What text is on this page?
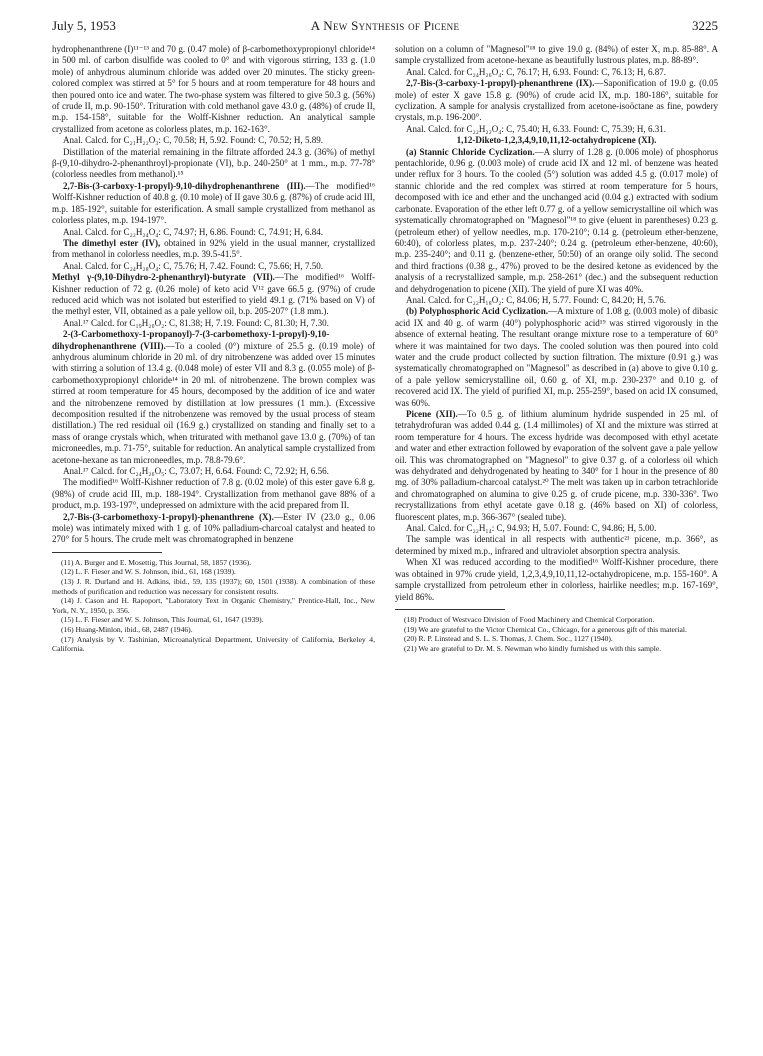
July 5, 1953	A New Synthesis of Picene	3225

hydrophenanthrene (I)¹¹⁻¹³ and 70 g. (0.47 mole) of β-carbomethoxypropionyl chloride¹⁴ in 500 ml. of carbon disulfide was cooled to 0° and with vigorous stirring, 133 g. (1.0 mole) of anhydrous aluminum chloride was added over 20 minutes. The sticky green-colored complex was stirred at 5° for 5 hours and at room temperature for 48 hours and then poured onto ice and water. The two-phase system was filtered to give 50.3 g. (56%) of crude II, m.p. 90-150°. Trituration with cold methanol gave 43.0 g. (48%) of crude II, m.p. 154-158°, suitable for the Wolff-Kishner reduction. An analytical sample crystallized from acetone as colorless plates, m.p. 162-163°.

Anal. Calcd. for C₂₁H₂₂O₃: C, 70.58; H, 5.92. Found: C, 70.52; H, 5.89.

Distillation of the material remaining in the filtrate afforded 24.3 g. (36%) of methyl β-(9,10-dihydro-2-phenanthroyl)-propionate (VI), b.p. 240-250° at 1 mm., m.p. 77-78° (colorless needles from methanol).¹⁵

2,7-Bis-(3-carboxy-1-propyl)-9,10-dihydrophenanthrene (III).—The modified¹⁶ Wolff-Kishner reduction of 40.8 g. (0.10 mole) of II gave 30.6 g. (87%) of crude acid III, m.p. 185-192°, suitable for esterification. A small sample crystallized from methanol as colorless plates, m.p. 194-197°.

Anal. Calcd. for C₂₂H₂₄O₄: C, 74.97; H, 6.86. Found: C, 74.91; H, 6.84.

The dimethyl ester (IV), obtained in 92% yield in the usual manner, crystallized from methanol in colorless needles, m.p. 39.5-41.5°.

Anal. Calcd. for C₂₄H₂₈O₄: C, 75.76; H, 7.42. Found: C, 75.66; H, 7.50.

Methyl γ-(9,10-Dihydro-2-phenanthryl)-butyrate (VII).—The modified¹⁶ Wolff-Kishner reduction of 72 g. (0.26 mole) of keto acid V¹² gave 66.5 g. (97%) of crude reduced acid which was not isolated but esterified to yield 49.1 g. (71% based on V) of the methyl ester, VII, obtained as a pale yellow oil, b.p. 205-207° (1.8 mm.).

Anal.¹⁷ Calcd. for C₁₉H₂₀O₂: C, 81.38; H, 7.19. Found: C, 81.30; H, 7.30.

2-(3-Carbomethoxy-1-propanoyl)-7-(3-carbomethoxy-1-propyl)-9,10-dihydrophenanthrene (VIII).—To a cooled (0°) mixture of 25.5 g. (0.19 mole) of anhydrous aluminum chloride in 20 ml. of dry nitrobenzene was added over 15 minutes with stirring a solution of 13.4 g. (0.048 mole) of ester VII and 8.3 g. (0.055 mole) of β-carbomethoxypropionyl chloride¹⁴ in 20 ml. of nitrobenzene. The brown complex was stirred at room temperature for 45 hours, decomposed by the addition of ice and water and the nitrobenzene removed by distillation at low pressures (1 mm.). (Excessive decomposition resulted if the nitrobenzene was removed by the usual process of steam distillation.) The red residual oil (16.9 g.) crystallized on standing and finally set to a mass of orange crystals which, when triturated with methanol gave 13.0 g. (70%) of tan microneedles, m.p. 71-75°, suitable for reduction. An analytical sample crystallized from acetone-hexane as tan microneedles, m.p. 78.8-79.6°.

Anal.¹⁷ Calcd. for C₂₄H₂₆O₅: C, 73.07; H, 6.64. Found: C, 72.92; H, 6.56.

The modified¹⁶ Wolff-Kishner reduction of 7.8 g. (0.02 mole) of this ester gave 6.8 g. (98%) of crude acid III, m.p. 188-194°. Crystallization from methanol gave 88% of a product, m.p. 193-197°, undepressed on admixture with the acid prepared from II.

2,7-Bis-(3-carbomethoxy-1-propyl)-phenanthrene (X).—Ester IV (23.0 g., 0.06 mole) was intimately mixed with 1 g. of 10% palladium-charcoal catalyst and heated to 270° for 5 hours. The crude melt was chromatographed in benzene

(11) A. Burger and E. Mosettig, This Journal, 58, 1857 (1936).

(12) L. F. Fieser and W. S. Johnson, ibid., 61, 168 (1939).

(13) J. R. Durland and H. Adkins, ibid., 59, 135 (1937); 60, 1501 (1938). A combination of these methods of purification and reduction was necessary for consistent results.

(14) J. Cason and H. Rapoport, "Laboratory Text in Organic Chemistry," Prentice-Hall, Inc., New York, N. Y., 1950, p. 356.

(15) L. F. Fieser and W. S. Johnson, This Journal, 61, 1647 (1939).

(16) Huang-Minlon, ibid., 68, 2487 (1946).

(17) Analysis by V. Tashinian, Microanalytical Department, University of California, Berkeley 4, California.

solution on a column of "Magnesol"¹⁸ to give 19.0 g. (84%) of ester X, m.p. 85-88°. A sample crystallized from acetone-hexane as beautifully lustrous plates, m.p. 88-89°.

Anal. Calcd. for C₂₄H₂₆O₄: C, 76.17; H, 6.93. Found: C, 76.13; H, 6.87.

2,7-Bis-(3-carboxy-1-propyl)-phenanthrene (IX).—Saponification of 19.0 g. (0.05 mole) of ester X gave 15.8 g. (90%) of crude acid IX, m.p. 180-186°, suitable for cyclization. A sample for analysis crystallized from acetone-isoöctane as fine, powdery crystals, m.p. 196-200°.

Anal. Calcd. for C₂₂H₂₂O₄: C, 75.40; H, 6.33. Found: C, 75.39; H, 6.31.

1,12-Diketo-1,2,3,4,9,10,11,12-octahydropicene (XI).

(a) Stannic Chloride Cyclization.—A slurry of 1.28 g. (0.006 mole) of phosphorus pentachloride, 0.96 g. (0.003 mole) of crude acid IX and 12 ml. of benzene was heated under reflux for 3 hours. To the cooled (5°) solution was added 4.5 g. (0.017 mole) of stannic chloride and the red complex was stirred at room temperature for 5 hours, decomposed with ice and ether and the unchanged acid (0.04 g.) extracted with sodium carbonate. Evaporation of the ether left 0.77 g. of a yellow semicrystalline oil which was systematically chromatographed on "Magnesol"¹⁸ to give (eluent in parentheses) 0.23 g. (petroleum ether) of yellow needles, m.p. 170-210°; 0.14 g. (petroleum ether-benzene, 60:40), of colorless plates, m.p. 237-240°; 0.24 g. (petroleum ether-benzene, 40:60), m.p. 235-240°; and 0.11 g. (benzene-ether, 50:50) of an orange oily solid. The second and third fractions (0.38 g., 47%) proved to be the desired ketone as evidenced by the analysis of a recrystallized sample, m.p. 258-261° (dec.) and the subsequent reduction and dehydrogenation to picene (XII). The yield of pure XI was 40%.

Anal. Calcd. for C₂₂H₁₈O₂: C, 84.06; H, 5.77. Found: C, 84.20; H, 5.76.

(b) Polyphosphoric Acid Cyclization.—A mixture of 1.08 g. (0.003 mole) of dibasic acid IX and 40 g. of warm (40°) polyphosphoric acid¹⁹ was stirred vigorously in the absence of external heating. The resultant orange mixture rose to a temperature of 60° where it was maintained for two days. The cooled solution was then poured into cold water and the crude product collected by suction filtration. The mixture (0.91 g.) was systematically chromatographed on "Magnesol" as described in (a) above to give 0.10 g. of a pale yellow semicrystalline oil, 0.60 g. of XI, m.p. 230-237° and 0.10 g. of recovered acid IX. The yield of purified XI, m.p. 255-259°, based on acid IX consumed, was 60%.

Picene (XII).—To 0.5 g. of lithium aluminum hydride suspended in 25 ml. of tetrahydrofuran was added 0.44 g. (1.4 millimoles) of XI and the mixture was stirred at room temperature for 4 hours. The excess hydride was decomposed with ethyl acetate and water and ether extraction followed by evaporation of the solvent gave a pale yellow oil. This was chromatographed on "Magnesol" to give 0.37 g. of a colorless oil which was dehydrated and dehydrogenated by heating to 340° for 1 hour in the presence of 80 mg. of 30% palladium-charcoal catalyst.²⁰ The melt was taken up in carbon tetrachloride and chromatographed on alumina to give 0.25 g. of crude picene, m.p. 330-336°. Two recrystallizations from ethyl acetate gave 0.18 g. (46% based on XI) of colorless, fluorescent plates, m.p. 366-367° (sealed tube).

Anal. Calcd. for C₂₂H₁₄: C, 94.93; H, 5.07. Found: C, 94.86; H, 5.00.

The sample was identical in all respects with authentic²¹ picene, m.p. 366°, as determined by mixed m.p., infrared and ultraviolet absorption spectra analysis.

When XI was reduced according to the modified¹⁶ Wolff-Kishner procedure, there was obtained in 97% crude yield, 1,2,3,4,9,10,11,12-octahydropicene, m.p. 155-160°. A sample crystallized from petroleum ether in colorless, hairlike needles; m.p. 167-169°, yield 86%.

(18) Product of Westvaco Division of Food Machinery and Chemical Corporation.

(19) We are grateful to the Victor Chemical Co., Chicago, for a generous gift of this material.

(20) R. P. Linstead and S. L. S. Thomas, J. Chem. Soc., 1127 (1940).

(21) We are grateful to Dr. M. S. Newman who kindly furnished us with this sample.
